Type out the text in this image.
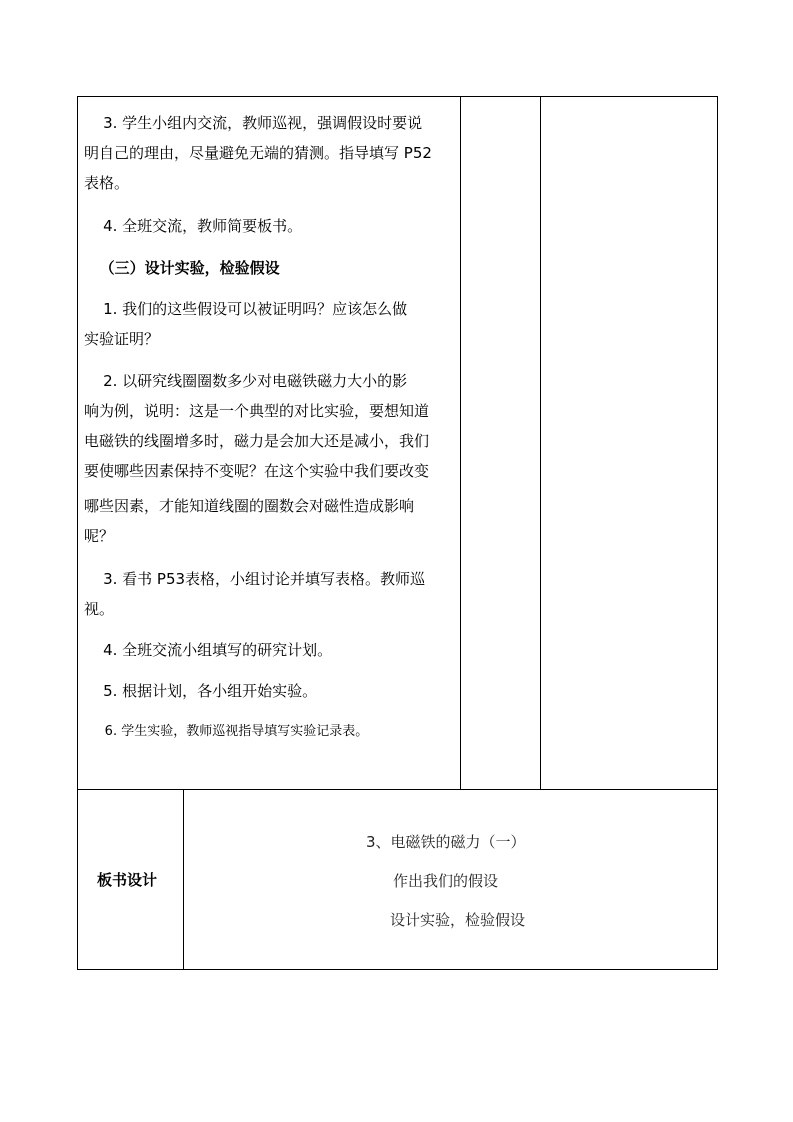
3. 学生小组内交流，教师巡视，强调假设时要说
明自己的理由，尽量避免无端的猜测。指导填写 P52
表格。
4. 全班交流，教师简要板书。
（三）设计实验，检验假设
1. 我们的这些假设可以被证明吗？应该怎么做
实验证明？
2. 以研究线圈圈数多少对电磁铁磁力大小的影
响为例，说明：这是一个典型的对比实验，要想知道
电磁铁的线圈增多时，磁力是会加大还是减小，我们
要使哪些因素保持不变呢？在这个实验中我们要改变
哪些因素，才能知道线圈的圈数会对磁性造成影响
呢？
3. 看书 P53表格，小组讨论并填写表格。教师巡
视。
4. 全班交流小组填写的研究计划。
5. 根据计划，各小组开始实验。
6. 学生实验，教师巡视指导填写实验记录表。
板书设计
3、电磁铁的磁力（一）
作出我们的假设
设计实验，检验假设
